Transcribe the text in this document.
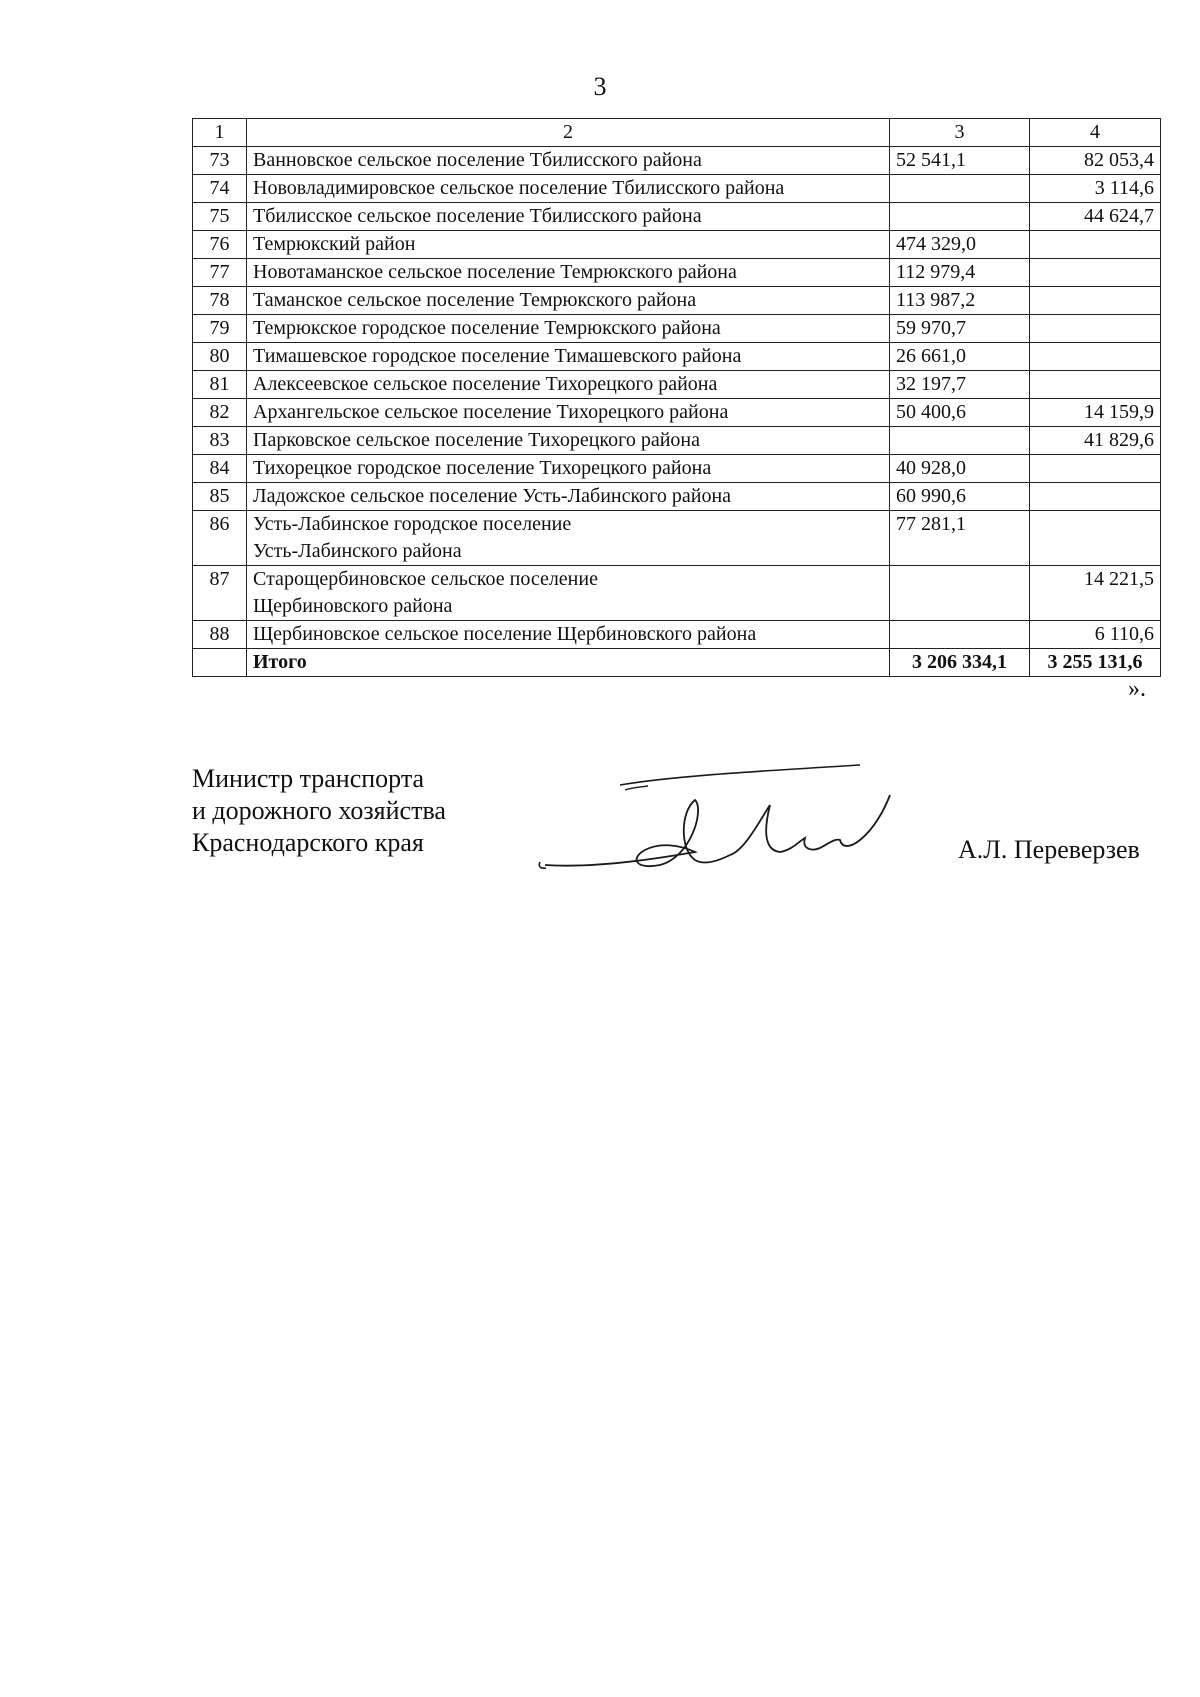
3
1	2	3	4
73	Ванновское сельское поселение Тбилисского района	52 541,1	82 053,4
74	Нововладимировское сельское поселение Тбилисского района		3 114,6
75	Тбилисское сельское поселение Тбилисского района		44 624,7
76	Темрюкский район	474 329,0	
77	Новотаманское сельское поселение Темрюкского района	112 979,4	
78	Таманское сельское поселение Темрюкского района	113 987,2	
79	Темрюкское городское поселение Темрюкского района	59 970,7	
80	Тимашевское городское поселение Тимашевского района	26 661,0	
81	Алексеевское сельское поселение Тихорецкого района	32 197,7	
82	Архангельское сельское поселение Тихорецкого района	50 400,6	14 159,9
83	Парковское сельское поселение Тихорецкого района		41 829,6
84	Тихорецкое городское поселение Тихорецкого района	40 928,0	
85	Ладожское сельское поселение Усть-Лабинского района	60 990,6	
86	Усть-Лабинское городское поселение
Усть-Лабинского района	77 281,1	
87	Старощербиновское сельское поселение
Щербиновского района		14 221,5
88	Щербиновское сельское поселение Щербиновского района		6 110,6
	Итого	3 206 334,1	3 255 131,6
».
Министр транспорта
и дорожного хозяйства
Краснодарского края	А.Л. Переверзев
